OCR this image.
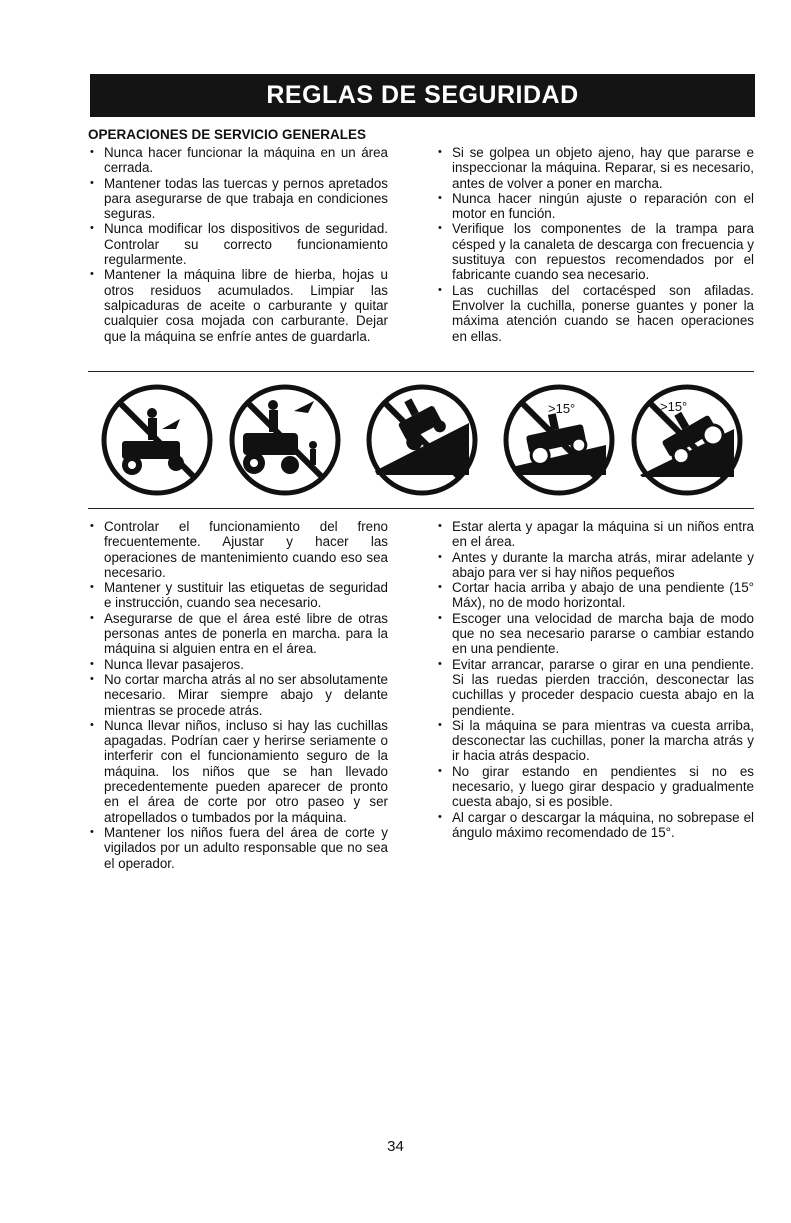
REGLAS DE SEGURIDAD
OPERACIONES DE SERVICIO GENERALES
• Nunca hacer funcionar la máquina en un área cerrada.
• Mantener todas las tuercas y pernos apretados para asegurarse de que trabaja en condiciones seguras.
• Nunca modificar los dispositivos de seguridad. Controlar su correcto funcionamiento regularmente.
• Mantener la máquina libre de hierba, hojas u otros residuos acumulados. Limpiar las salpicaduras de aceite o carburante y quitar cualquier cosa mojada con carburante. Dejar que la máquina se enfríe antes de guardarla.
• Si se golpea un objeto ajeno, hay que pararse e inspeccionar la máquina. Reparar, si es necesario, antes de volver a poner en marcha.
• Nunca hacer ningún ajuste o reparación con el motor en función.
• Verifique los componentes de la trampa para césped y la canaleta de descarga con frecuencia y sustituya con repuestos recomendados por el fabricante cuando sea necesario.
• Las cuchillas del cortacésped son afiladas. Envolver la cuchilla, ponerse guantes y poner la máxima atención cuando se hacen operaciones en ellas.
>15°	>15°
• Controlar el funcionamiento del freno frecuentemente. Ajustar y hacer las operaciones de mantenimiento cuando eso sea necesario.
• Mantener y sustituir las etiquetas de seguridad e instrucción, cuando sea necesario.
• Asegurarse de que el área esté libre de otras personas antes de ponerla en marcha. para la máquina si alguien entra en el área.
• Nunca llevar pasajeros.
• No cortar marcha atrás al no ser absolutamente necesario. Mirar siempre abajo y delante mientras se procede atrás.
• Nunca llevar niños, incluso si hay las cuchillas apagadas. Podrían caer y herirse seriamente o interferir con el funcionamiento seguro de la máquina. los niños que se han llevado precedentemente pueden aparecer de pronto en el área de corte por otro paseo y ser atropellados o tumbados por la máquina.
• Mantener los niños fuera del área de corte y vigilados por un adulto responsable que no sea el operador.
• Estar alerta y apagar la máquina si un niños entra en el área.
• Antes y durante la marcha atrás, mirar adelante y abajo para ver si hay niños pequeños
• Cortar hacia arriba y abajo de una pendiente (15° Máx), no de modo horizontal.
• Escoger una velocidad de marcha baja de modo que no sea necesario pararse o cambiar estando en una pendiente.
• Evitar arrancar, pararse o girar en una pendiente. Si las ruedas pierden tracción, desconectar las cuchillas y proceder despacio cuesta abajo en la pendiente.
• Si la máquina se para mientras va cuesta arriba, desconectar las cuchillas, poner la marcha atrás y ir hacia atrás despacio.
• No girar estando en pendientes si no es necesario, y luego girar despacio y gradualmente cuesta abajo, si es posible.
• Al cargar o descargar la máquina, no sobrepase el ángulo máximo recomendado de 15°.
34
